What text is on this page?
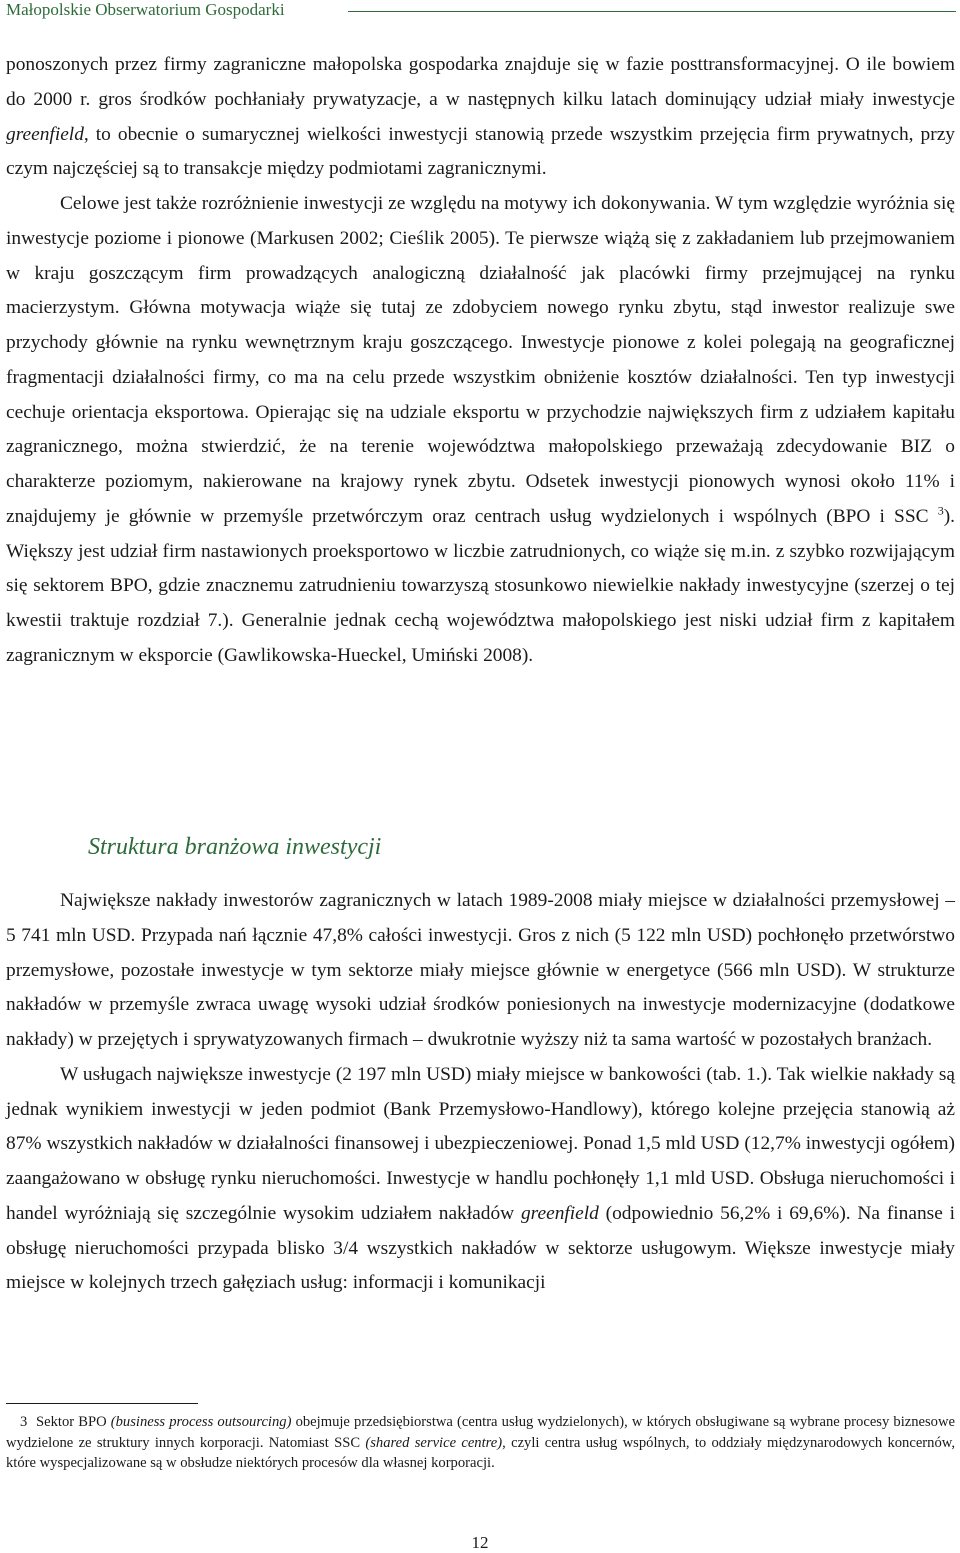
Małopolskie Obserwatorium Gospodarki

ponoszonych przez firmy zagraniczne małopolska gospodarka znajduje się w fazie posttransformacyjnej. O ile bowiem do 2000 r. gros środków pochłaniały prywatyzacje, a w następnych kilku latach dominujący udział miały inwestycje greenfield, to obecnie o sumarycznej wielkości inwestycji stanowią przede wszystkim przejęcia firm prywatnych, przy czym najczęściej są to transakcje między podmiotami zagranicznymi.

Celowe jest także rozróżnienie inwestycji ze względu na motywy ich dokonywania. W tym względzie wyróżnia się inwestycje poziome i pionowe (Markusen 2002; Cieślik 2005). Te pierwsze wiążą się z zakładaniem lub przejmowaniem w kraju goszczącym firm prowadzących analogiczną działalność jak placówki firmy przejmującej na rynku macierzystym. Główna motywacja wiąże się tutaj ze zdobyciem nowego rynku zbytu, stąd inwestor realizuje swe przychody głównie na rynku wewnętrznym kraju goszczącego. Inwestycje pionowe z kolei polegają na geograficznej fragmentacji działalności firmy, co ma na celu przede wszystkim obniżenie kosztów działalności. Ten typ inwestycji cechuje orientacja eksportowa. Opierając się na udziale eksportu w przychodzie największych firm z udziałem kapitału zagranicznego, można stwierdzić, że na terenie województwa małopolskiego przeważają zdecydowanie BIZ o charakterze poziomym, nakierowane na krajowy rynek zbytu. Odsetek inwestycji pionowych wynosi około 11% i znajdujemy je głównie w przemyśle przetwórczym oraz centrach usług wydzielonych i wspólnych (BPO i SSC $^3$). Większy jest udział firm nastawionych proeksportowo w liczbie zatrudnionych, co wiąże się m.in. z szybko rozwijającym się sektorem BPO, gdzie znacznemu zatrudnieniu towarzyszą stosunkowo niewielkie nakłady inwestycyjne (szerzej o tej kwestii traktuje rozdział 7.). Generalnie jednak cechą województwa małopolskiego jest niski udział firm z kapitałem zagranicznym w eksporcie (Gawlikowska-Hueckel, Umiński 2008).

Struktura branżowa inwestycji

Największe nakłady inwestorów zagranicznych w latach 1989-2008 miały miejsce w działalności przemysłowej – 5 741 mln USD. Przypada nań łącznie 47,8% całości inwestycji. Gros z nich (5 122 mln USD) pochłonęło przetwórstwo przemysłowe, pozostałe inwestycje w tym sektorze miały miejsce głównie w energetyce (566 mln USD). W strukturze nakładów w przemyśle zwraca uwagę wysoki udział środków poniesionych na inwestycje modernizacyjne (dodatkowe nakłady) w przejętych i sprywatyzowanych firmach – dwukrotnie wyższy niż ta sama wartość w pozostałych branżach.

W usługach największe inwestycje (2 197 mln USD) miały miejsce w bankowości (tab. 1.). Tak wielkie nakłady są jednak wynikiem inwestycji w jeden podmiot (Bank Przemysłowo-Handlowy), którego kolejne przejęcia stanowią aż 87% wszystkich nakładów w działalności finansowej i ubezpieczeniowej. Ponad 1,5 mld USD (12,7% inwestycji ogółem) zaangażowano w obsługę rynku nieruchomości. Inwestycje w handlu pochłonęły 1,1 mld USD. Obsługa nieruchomości i handel wyróżniają się szczególnie wysokim udziałem nakładów greenfield (odpowiednio 56,2% i 69,6%). Na finanse i obsługę nieruchomości przypada blisko 3/4 wszystkich nakładów w sektorze usługowym. Większe inwestycje miały miejsce w kolejnych trzech gałęziach usług: informacji i komunikacji

3 Sektor BPO (business process outsourcing) obejmuje przedsiębiorstwa (centra usług wydzielonych), w których obsługiwane są wybrane procesy biznesowe wydzielone ze struktury innych korporacji. Natomiast SSC (shared service centre), czyli centra usług wspólnych, to oddziały międzynarodowych koncernów, które wyspecjalizowane są w obsłudze niektórych procesów dla własnej korporacji.

12
